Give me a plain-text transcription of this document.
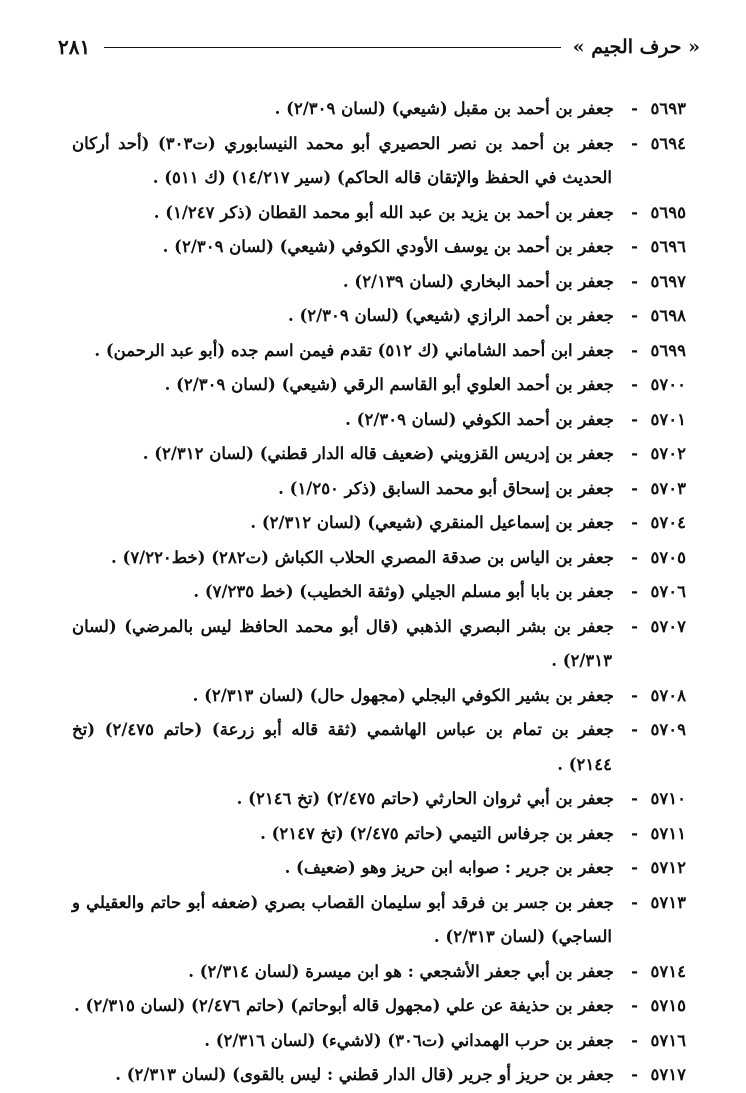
« حرف الجيم »
٢٨١
٥٦٩٣-جعفر بن أحمد بن مقبل (شيعي) (لسان ٢/٣٠٩) .
٥٦٩٤-جعفر بن أحمد بن نصر الحصيري أبو محمد النيسابوري (ت٣٠٣) (أحد أركان الحديث في الحفظ والإتقان قاله الحاكم) (سير ١٤/٢١٧) (ك ٥١١) .
٥٦٩٥-جعفر بن أحمد بن يزيد بن عبد الله أبو محمد القطان (ذكر ١/٢٤٧) .
٥٦٩٦-جعفر بن أحمد بن يوسف الأودي الكوفي (شيعي) (لسان ٢/٣٠٩) .
٥٦٩٧-جعفر بن أحمد البخاري (لسان ٢/١٣٩) .
٥٦٩٨-جعفر بن أحمد الرازي (شيعي) (لسان ٢/٣٠٩) .
٥٦٩٩-جعفر ابن أحمد الشاماني (ك ٥١٢) تقدم فيمن اسم جده (أبو عبد الرحمن) .
٥٧٠٠-جعفر بن أحمد العلوي أبو القاسم الرقي (شيعي) (لسان ٢/٣٠٩) .
٥٧٠١-جعفر بن أحمد الكوفي (لسان ٢/٣٠٩) .
٥٧٠٢-جعفر بن إدريس القزويني (ضعيف قاله الدار قطني) (لسان ٢/٣١٢) .
٥٧٠٣-جعفر بن إسحاق أبو محمد السابق (ذكر ١/٢٥٠) .
٥٧٠٤-جعفر بن إسماعيل المنقري (شيعي) (لسان ٢/٣١٢) .
٥٧٠٥-جعفر بن الياس بن صدقة المصري الحلاب الكباش (ت٢٨٢) (خط٧/٢٢٠) .
٥٧٠٦-جعفر بن بابا أبو مسلم الجيلي (وثقة الخطيب) (خط ٧/٢٣٥) .
٥٧٠٧-جعفر بن بشر البصري الذهبي (قال أبو محمد الحافظ ليس بالمرضي) (لسان ٢/٣١٣) .
٥٧٠٨-جعفر بن بشير الكوفي البجلي (مجهول حال) (لسان ٢/٣١٣) .
٥٧٠٩-جعفر بن تمام بن عباس الهاشمي (ثقة قاله أبو زرعة) (حاتم ٢/٤٧٥) (تخ ٢١٤٤) .
٥٧١٠-جعفر بن أبي ثروان الحارثي (حاتم ٢/٤٧٥) (تخ ٢١٤٦) .
٥٧١١-جعفر بن جرفاس التيمي (حاتم ٢/٤٧٥) (تخ ٢١٤٧) .
٥٧١٢-جعفر بن جرير : صوابه ابن حريز وهو (ضعيف) .
٥٧١٣-جعفر بن جسر بن فرقد أبو سليمان القصاب بصري (ضعفه أبو حاتم والعقيلي و الساجي) (لسان ٢/٣١٣) .
٥٧١٤-جعفر بن أبي جعفر الأشجعي : هو ابن ميسرة (لسان ٢/٣١٤) .
٥٧١٥-جعفر بن حذيفة عن علي (مجهول قاله أبوحاتم) (حاتم ٢/٤٧٦) (لسان ٢/٣١٥) .
٥٧١٦-جعفر بن حرب الهمداني (ت٣٠٦) (لاشيء) (لسان ٢/٣١٦) .
٥٧١٧-جعفر بن حريز أو جرير (قال الدار قطني : ليس بالقوى) (لسان ٢/٣١٣) .
